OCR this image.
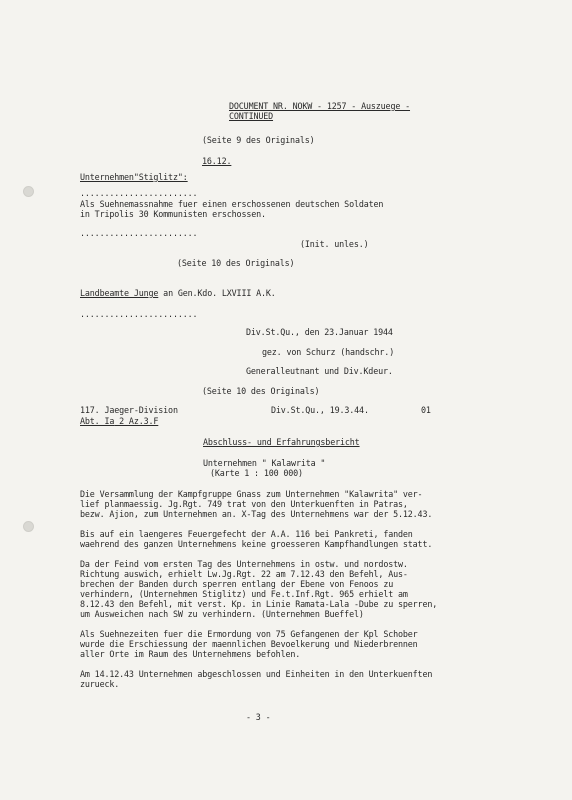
DOCUMENT NR. NOKW - 1257 - Auszuege -
CONTINUED
(Seite 9 des Originals)
16.12.
Unternehmen"Stiglitz":
........................
Als Suehnemassnahme fuer einen erschossenen deutschen Soldaten
in Tripolis 30 Kommunisten erschossen.
........................
(Init. unles.)
(Seite 10 des Originals)
Landbeamte Junge an Gen.Kdo. LXVIII A.K.
........................
Div.St.Qu., den 23.Januar 1944
gez. von Schurz (handschr.)
Generalleutnant und Div.Kdeur.
(Seite 10 des Originals)
117. Jaeger-Division	Div.St.Qu., 19.3.44.	01
Abt. Ia 2 Az.3.F
Abschluss- und Erfahrungsbericht
Unternehmen " Kalawrita "
(Karte 1 : 100 000)
Die Versammlung der Kampfgruppe Gnass zum Unternehmen "Kalawrita" ver-
lief planmaessig. Jg.Rgt. 749 trat von den Unterkuenften in Patras,
bezw. Ajion, zum Unternehmen an. X-Tag des Unternehmens war der 5.12.43.
Bis auf ein laengeres Feuergefecht der A.A. 116 bei Pankreti, fanden
waehrend des ganzen Unternehmens keine groesseren Kampfhandlungen statt.
Da der Feind vom ersten Tag des Unternehmens in ostw. und nordostw.
Richtung auswich, erhielt Lw.Jg.Rgt. 22 am 7.12.43 den Befehl, Aus-
brechen der Banden durch sperren entlang der Ebene von Fenoos zu
verhindern, (Unternehmen Stiglitz) und Fe.t.Inf.Rgt. 965 erhielt am
8.12.43 den Befehl, mit verst. Kp. in Linie Ramata-Lala -Dube zu sperren,
um Ausweichen nach SW zu verhindern. (Unternehmen Bueffel)
Als Suehnezeiten fuer die Ermordung von 75 Gefangenen der Kpl Schober
wurde die Erschiessung der maennlichen Bevoelkerung und Niederbrennen
aller Orte im Raum des Unternehmens befohlen.
Am 14.12.43 Unternehmen abgeschlossen und Einheiten in den Unterkuenften
zurueck.
- 3 -
